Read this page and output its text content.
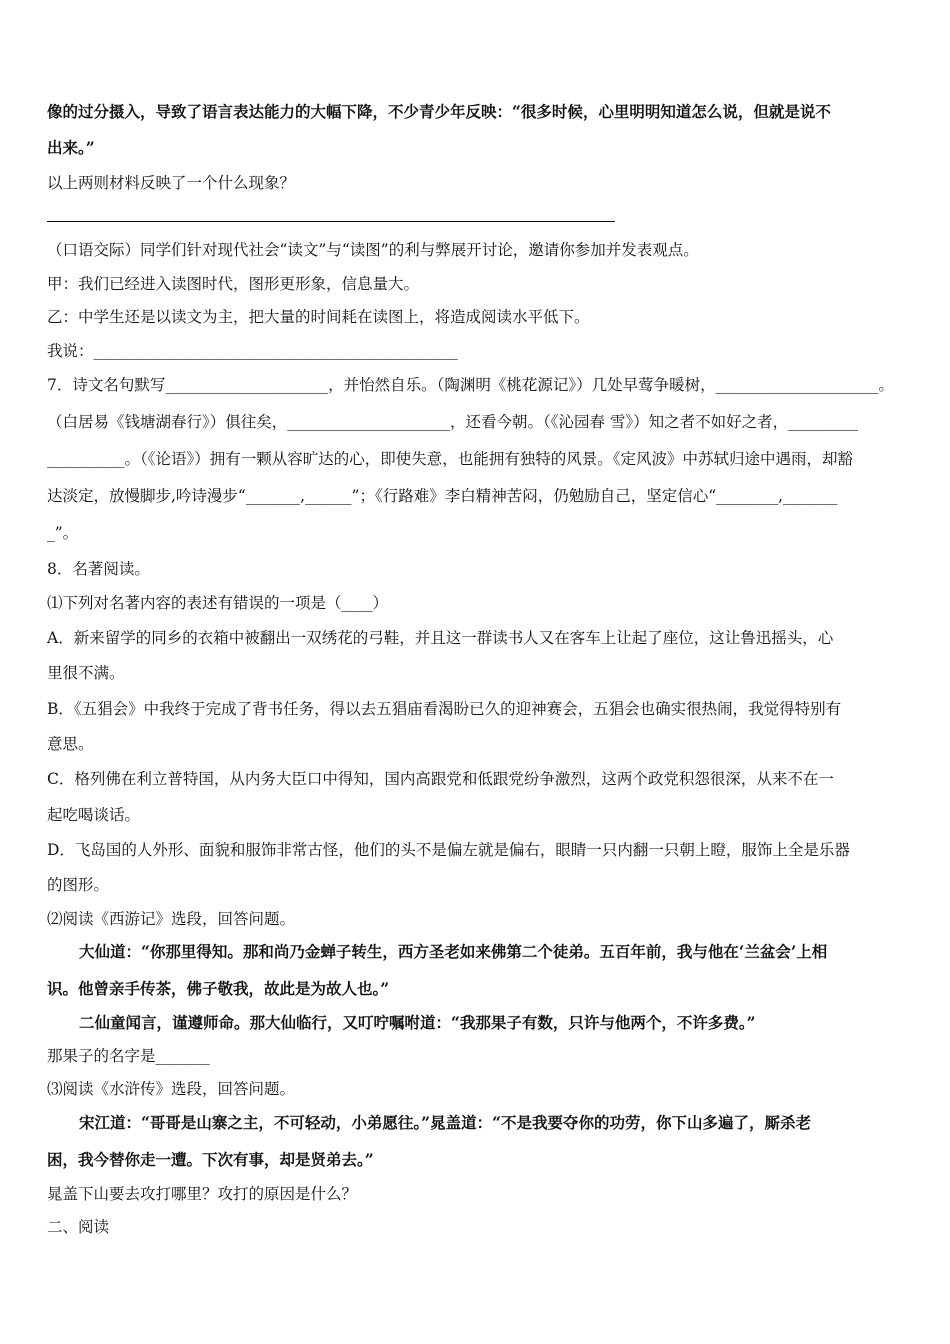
像的过分摄入，导致了语言表达能力的大幅下降，不少青少年反映：“很多时候，心里明明知道怎么说，但就是说不

出来。”

以上两则材料反映了一个什么现象？

（口语交际）同学们针对现代社会“读文”与“读图”的利与弊展开讨论，邀请你参加并发表观点。

甲：我们已经进入读图时代，图形更形象，信息量大。

乙：中学生还是以读文为主，把大量的时间耗在读图上，将造成阅读水平低下。

我说：_______________________________________________

7．诗文名句默写_____________________，并怡然自乐。（陶渊明《桃花源记》）几处早莺争暖树，_____________________。

（白居易《钱塘湖春行》）俱往矣，_____________________，还看今朝。（《沁园春 雪》）知之者不如好之者，_________

__________。（《论语》）拥有一颗从容旷达的心，即使失意，也能拥有独特的风景。《定风波》中苏轼归途中遇雨，却豁

达淡定，放慢脚步,吟诗漫步“_______,______”；《行路难》李白精神苦闷，仍勉励自己，坚定信心“________,_______

_”。

8．名著阅读。

⑴下列对名著内容的表述有错误的一项是（____）

A．新来留学的同乡的衣箱中被翻出一双绣花的弓鞋，并且这一群读书人又在客车上让起了座位，这让鲁迅摇头，心

里很不满。

B．《五猖会》中我终于完成了背书任务，得以去五猖庙看渴盼已久的迎神赛会，五猖会也确实很热闹，我觉得特别有

意思。

C．格列佛在利立普特国，从内务大臣口中得知，国内高跟党和低跟党纷争激烈，这两个政党积怨很深，从来不在一

起吃喝谈话。

D．飞岛国的人外形、面貌和服饰非常古怪，他们的头不是偏左就是偏右，眼睛一只内翻一只朝上瞪，服饰上全是乐器

的图形。

⑵阅读《西游记》选段，回答问题。

大仙道：“你那里得知。那和尚乃金蝉子转生，西方圣老如来佛第二个徒弟。五百年前，我与他在‘兰盆会’上相

识。他曾亲手传茶，佛子敬我，故此是为故人也。”

二仙童闻言，谨遵师命。那大仙临行，又叮咛嘱咐道：“我那果子有数，只许与他两个，不许多费。”

那果子的名字是_______

⑶阅读《水浒传》选段，回答问题。

宋江道：“哥哥是山寨之主，不可轻动，小弟愿往。”晁盖道：“不是我要夺你的功劳，你下山多遍了，厮杀老

困，我今替你走一遭。下次有事，却是贤弟去。”

晁盖下山要去攻打哪里？攻打的原因是什么？

二、阅读
